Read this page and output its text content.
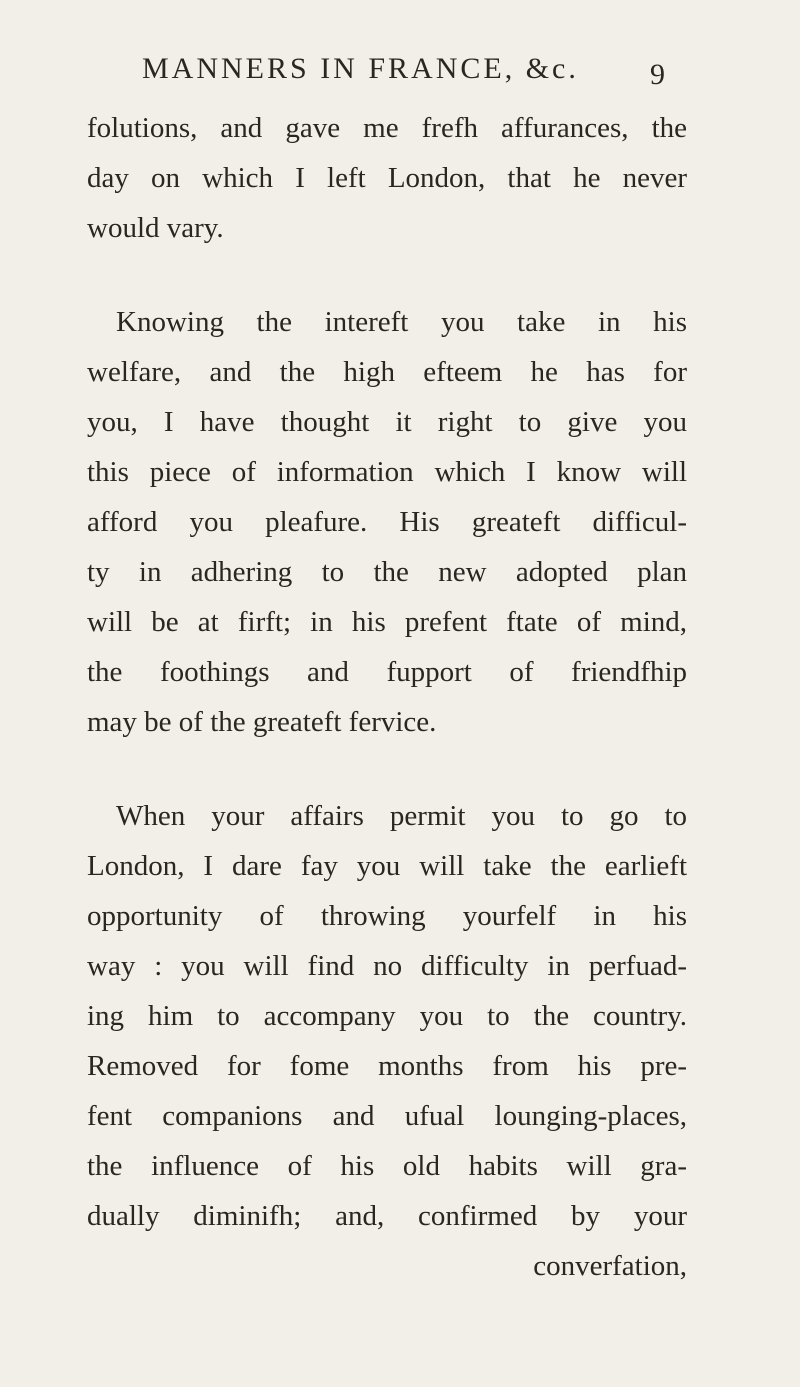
MANNERS IN FRANCE, &c. 9
folutions, and gave me frefh affurances, the
day on which I left London, that he never
would vary.
Knowing the intereft you take in his
welfare, and the high efteem he has for
you, I have thought it right to give you
this piece of information which I know will
afford you pleafure. His greateft difficul-
ty in adhering to the new adopted plan
will be at firft; in his prefent ftate of mind,
the foothings and fupport of friendfhip
may be of the greateft fervice.
When your affairs permit you to go to
London, I dare fay you will take the earlieft
opportunity of throwing yourfelf in his
way : you will find no difficulty in perfuad-
ing him to accompany you to the country.
Removed for fome months from his pre-
fent companions and ufual lounging-places,
the influence of his old habits will gra-
dually diminifh; and, confirmed by your
converfation,
